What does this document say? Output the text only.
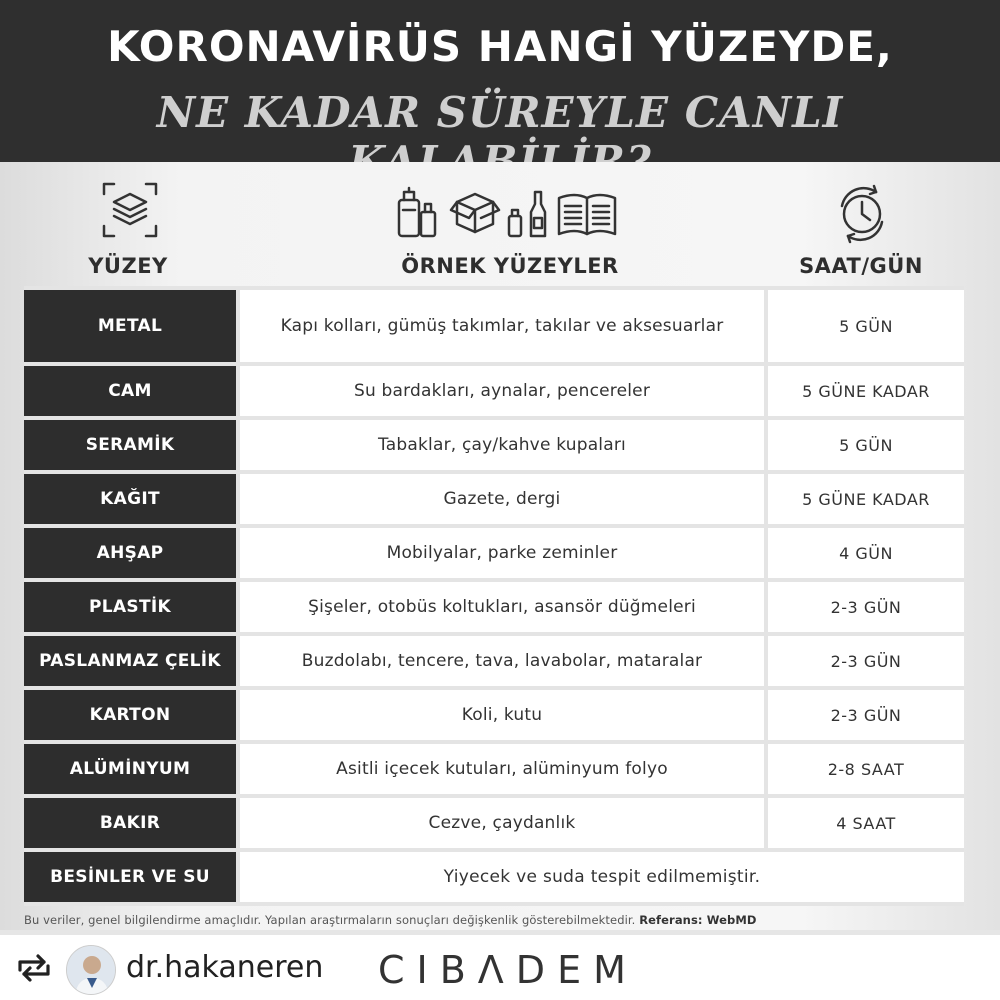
KORONAVİRÜS HANGİ YÜZEYDE,
NE KADAR SÜREYLE CANLI
YÜZEY	ÖRNEK YÜZEYLER	SAAT/GÜN
METAL	Kapı kolları, gümüş takımlar, takılar ve aksesuarlar	5 GÜN
CAM	Su bardakları, aynalar, pencereler	5 GÜNE KADAR
SERAMİK	Tabaklar, çay/kahve kupaları	5 GÜN
KAĞIT	Gazete, dergi	5 GÜNE KADAR
AHŞAP	Mobilyalar, parke zeminler	4 GÜN
PLASTİK	Şişeler, otobüs koltukları, asansör düğmeleri	2-3 GÜN
PASLANMAZ ÇELİK	Buzdolabı, tencere, tava, lavabolar, mataralar	2-3 GÜN
KARTON	Koli, kutu	2-3 GÜN
ALÜMİNYUM	Asitli içecek kutuları, alüminyum folyo	2-8 SAAT
BAKIR	Cezve, çaydanlık	4 SAAT
BESİNLER VE SU	Yiyecek ve suda tespit edilmemiştir.
Bu veriler, genel bilgilendirme amaçlıdır. Yapılan araştırmaların sonuçları değişkenlik gösterebilmektedir. Referans: WebMD
dr.hakaneren CIBΛDEM
